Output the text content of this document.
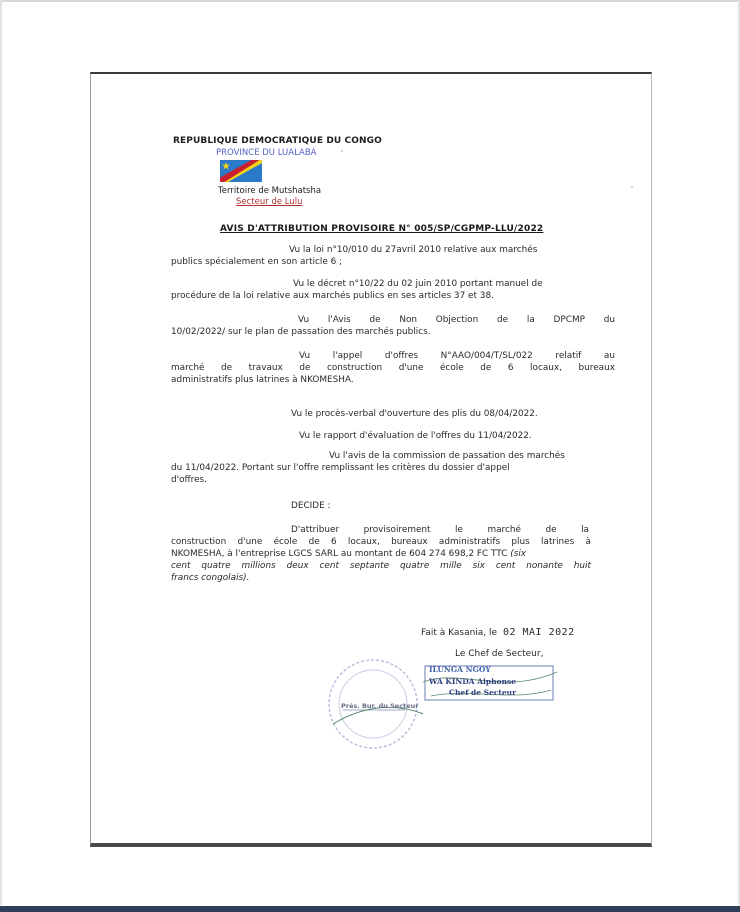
REPUBLIQUE DEMOCRATIQUE DU CONGO
PROVINCE DU LUALABA
Territoire de Mutshatsha
Secteur de Lulu
AVIS D'ATTRIBUTION PROVISOIRE N° 005/SP/CGPMP-LLU/2022
Vu la loi n°10/010 du 27avril 2010 relative aux marchés
publics spécialement en son article 6 ;
Vu le décret n°10/22 du 02 juin 2010 portant manuel de
procédure de la loi relative aux marchés publics en ses articles 37 et 38.
Vu l'Avis de Non Objection de la DPCMP du
10/02/2022/ sur le plan de passation des marchés publics.
Vu l'appel d'offres N°AAO/004/T/SL/022 relatif au
marché de travaux de construction d'une école de 6 locaux, bureaux
administratifs plus latrines à NKOMESHA.
Vu le procès-verbal d'ouverture des plis du 08/04/2022.
Vu le rapport d'évaluation de l'offres du 11/04/2022.
Vu l'avis de la commission de passation des marchés
du 11/04/2022. Portant sur l'offre remplissant les critères du dossier d'appel
d'offres.
DECIDE :
D'attribuer provisoirement le marché de la
construction d'une école de 6 locaux, bureaux administratifs plus latrines à
NKOMESHA, à l'entreprise LGCS SARL au montant de 604 274 698,2 FC TTC (six
cent quatre millions deux cent septante quatre mille six cent nonante huit
francs congolais).
Fait à Kasania, le 02 MAI 2022
Le Chef de Secteur,
Prés. Bur. du Secteur
ILUNGA NGOY
WA KINDA Alphonse
Chef de Secteur
